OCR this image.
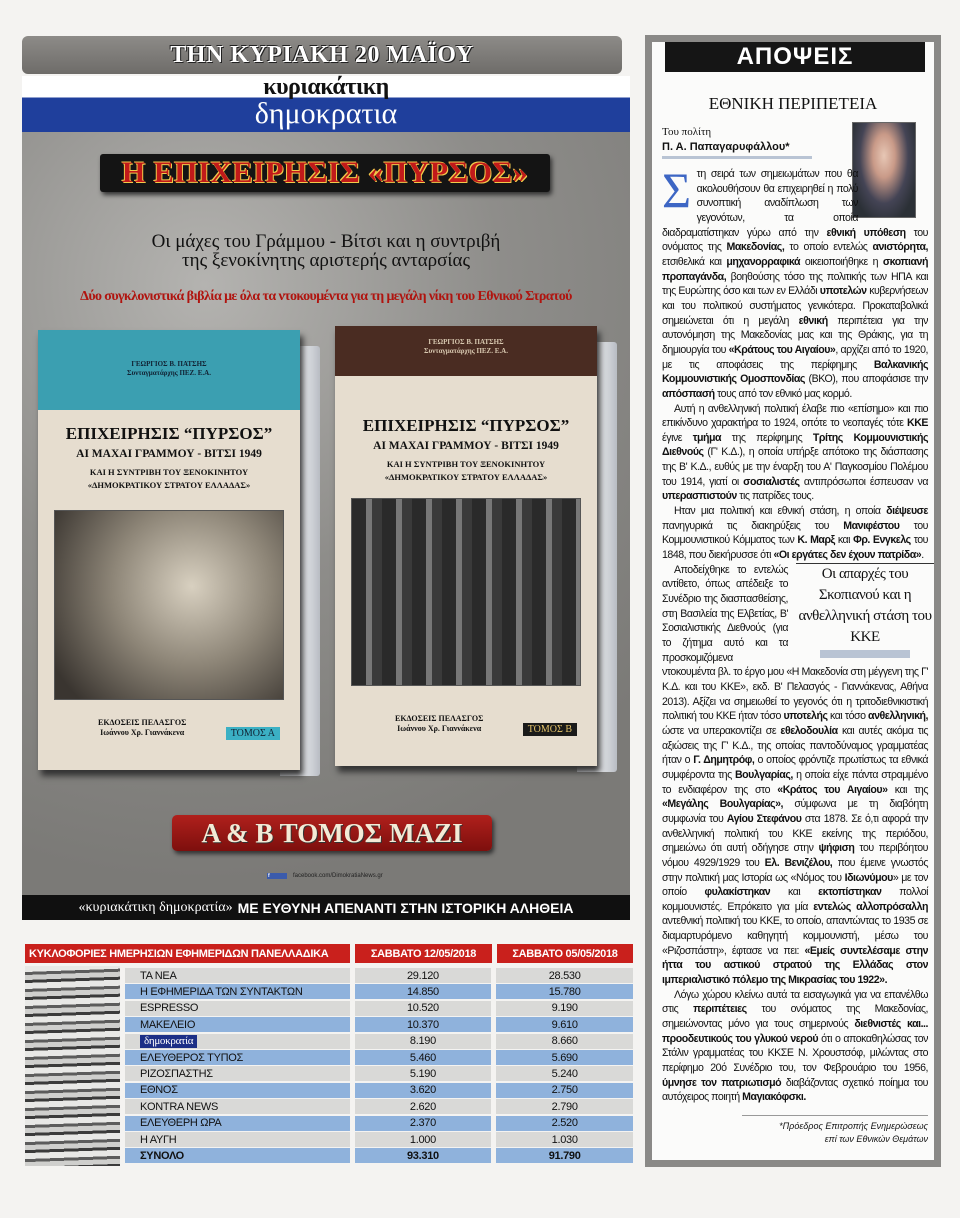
ΤΗΝ ΚΥΡΙΑΚΗ 20 ΜΑΪΟΥ
κυριακάτικη
δημοκρατια
Η ΕΠΙΧΕΙΡΗΣΙΣ «ΠΥΡΣΟΣ»
Οι μάχες του Γράμμου - Βίτσι και η συντριβή
της ξενοκίνητης αριστερής ανταρσίας
Δύο συγκλονιστικά βιβλία με όλα τα ντοκουμέντα για τη μεγάλη νίκη του Εθνικού Στρατού
ΓΕΩΡΓΙΟΣ Β. ΠΑΤΣΗΣ
Συνταγματάρχης ΠΕΖ. Ε.Α.
ΕΠΙΧΕΙΡΗΣΙΣ “ΠΥΡΣΟΣ”
ΑΙ ΜΑΧΑΙ ΓΡΑΜΜΟΥ - ΒΙΤΣΙ 1949
ΚΑΙ Η ΣΥΝΤΡΙΒΗ ΤΟΥ ΞΕΝΟΚΙΝΗΤΟΥ
«ΔΗΜΟΚΡΑΤΙΚΟΥ ΣΤΡΑΤΟΥ ΕΛΛΑΔΑΣ»
ΕΚΔΟΣΕΙΣ ΠΕΛΑΣΓΟΣ
Ιωάννου Χρ. Γιαννάκενα	ΤΟΜΟΣ Α
ΓΕΩΡΓΙΟΣ Β. ΠΑΤΣΗΣ
Συνταγματάρχης ΠΕΖ. Ε.Α.
ΕΠΙΧΕΙΡΗΣΙΣ “ΠΥΡΣΟΣ”
ΑΙ ΜΑΧΑΙ ΓΡΑΜΜΟΥ - ΒΙΤΣΙ 1949
ΚΑΙ Η ΣΥΝΤΡΙΒΗ ΤΟΥ ΞΕΝΟΚΙΝΗΤΟΥ
«ΔΗΜΟΚΡΑΤΙΚΟΥ ΣΤΡΑΤΟΥ ΕΛΛΑΔΑΣ»
ΕΚΔΟΣΕΙΣ ΠΕΛΑΣΓΟΣ
Ιωάννου Χρ. Γιαννάκενα	ΤΟΜΟΣ Β
Α & Β ΤΟΜΟΣ ΜΑΖΙ
f	facebook.com/DimokratiaNews.gr
«κυριακάτικη δημοκρατία» ΜΕ ΕΥΘΥΝΗ ΑΠΕΝΑΝΤΙ ΣΤΗΝ ΙΣΤΟΡΙΚΗ ΑΛΗΘΕΙΑ
ΚΥΚΛΟΦΟΡΙΕΣ ΗΜΕΡΗΣΙΩΝ ΕΦΗΜΕΡΙΔΩΝ ΠΑΝΕΛΛΑΔΙΚΑ	ΣΑΒΒΑΤΟ 12/05/2018	ΣΑΒΒΑΤΟ 05/05/2018
ΤΑ ΝΕΑ	29.120	28.530
Η ΕΦΗΜΕΡΙΔΑ ΤΩΝ ΣΥΝΤΑΚΤΩΝ	14.850	15.780
ESPRESSO	10.520	9.190
ΜΑΚΕΛΕΙΟ	10.370	9.610
δημοκρατία	8.190	8.660
ΕΛΕΥΘΕΡΟΣ ΤΥΠΟΣ	5.460	5.690
ΡΙΖΟΣΠΑΣΤΗΣ	5.190	5.240
ΕΘΝΟΣ	3.620	2.750
KONTRA NEWS	2.620	2.790
ΕΛΕΥΘΕΡΗ ΩΡΑ	2.370	2.520
Η ΑΥΓΗ	1.000	1.030
ΣΥΝΟΛΟ	93.310	91.790
ΑΠΟΨΕΙΣ
ΕΘΝΙΚΗ ΠΕΡΙΠΕΤΕΙΑ
Του πολίτη
Π. Α. Παπαγαρυφάλλου*

Στη σειρά των σημειωμάτων που θα ακολουθήσουν θα επιχειρηθεί η πολύ συνοπτική αναδίπλωση των γεγονότων, τα οποία διαδραματίστηκαν γύρω από την εθνική υπόθεση του ονόματος της Μακεδονίας, το οποίο εντελώς ανιστόρητα, ετσιθελικά και μηχανορραφικά οικειοποιήθηκε η σκοπιανή προπαγάνδα, βοηθούσης τόσο της πολιτικής των ΗΠΑ και της Ευρώπης όσο και των εν Ελλάδι υποτελών κυβερνήσεων και του πολιτικού συστήματος γενικότερα. Προκαταβολικά σημειώνεται ότι η μεγάλη εθνική περιπέτεια για την αυτονόμηση της Μακεδονίας μας και της Θράκης, για τη δημιουργία του «Κράτους του Αιγαίου», αρχίζει από το 1920, με τις αποφάσεις της περίφημης Βαλκανικής Κομμουνιστικής Ομοσπονδίας (ΒΚΟ), που αποφάσισε την απόσπασή τους από τον εθνικό μας κορμό.

Αυτή η ανθελληνική πολιτική έλαβε πιο «επίσημο» και πιο επικίνδυνο χαρακτήρα το 1924, οπότε το νεοπαγές τότε ΚΚΕ έγινε τμήμα της περίφημης Τρίτης Κομμουνιστικής Διεθνούς (Γ' Κ.Δ.), η οποία υπήρξε απότοκο της διάσπασης της Β' Κ.Δ., ευθύς με την έναρξη του Α' Παγκοσμίου Πολέμου του 1914, γιατί οι σοσιαλιστές αντιπρόσωποι έσπευσαν να υπερασπιστούν τις πατρίδες τους.

Ηταν μια πολιτική και εθνική στάση, η οποία διέψευσε πανηγυρικά τις διακηρύξεις του Μανιφέστου του Κομμουνιστικού Κόμματος των Κ. Μαρξ και Φρ. Ενγκελς του 1848, που διεκήρυσσε ότι «Οι εργάτες δεν έχουν πατρίδα».

Οι απαρχές του Σκοπιανού και η ανθελληνική στάση του ΚΚΕ
Αποδείχθηκε το εντελώς αντίθετο, όπως απέδειξε το Συνέδριο της διασπασθείσης, στη Βασιλεία της Ελβετίας, Β' Σοσιαλιστικής Διεθνούς (για το ζήτημα αυτό και τα προσκομιζόμενα ντοκουμέντα βλ. το έργο μου «Η Μακεδονία στη μέγγενη της Γ' Κ.Δ. και του ΚΚΕ», εκδ. Β' Πελασγός - Γιαννάκενας, Αθήνα 2013). Αξίζει να σημειωθεί το γεγονός ότι η τριτοδιεθνικιστική πολιτική του ΚΚΕ ήταν τόσο υποτελής και τόσο ανθελληνική, ώστε να υπερακοντίζει σε εθελοδουλία και αυτές ακόμα τις αξιώσεις της Γ' Κ.Δ., της οποίας παντοδύναμος γραμματέας ήταν ο Γ. Δημητρόφ, ο οποίος φρόντιζε πρωτίστως τα εθνικά συμφέροντα της Βουλγαρίας, η οποία είχε πάντα στραμμένο το ενδιαφέρον της στο «Κράτος του Αιγαίου» και της «Μεγάλης Βουλγαρίας», σύμφωνα με τη διαβόητη συμφωνία του Αγίου Στεφάνου στα 1878. Σε ό,τι αφορά την ανθελληνική πολιτική του ΚΚΕ εκείνης της περιόδου, σημειώνω ότι αυτή οδήγησε στην ψήφιση του περιβόητου νόμου 4929/1929 του Ελ. Βενιζέλου, που έμεινε γνωστός στην πολιτική μας Ιστορία ως «Νόμος του Ιδιωνύμου» με τον οποίο φυλακίστηκαν και εκτοπίστηκαν πολλοί κομμουνιστές. Επρόκειτο για μία εντελώς αλλοπρόσαλλη αντεθνική πολιτική του ΚΚΕ, το οποίο, απαντώντας το 1935 σε διαμαρτυρόμενο καθηγητή κομμουνιστή, μέσω του «Ριζοσπάστη», έφτασε να πει: «Εμείς συντελέσαμε στην ήττα του αστικού στρατού της Ελλάδας στον ιμπεριαλιστικό πόλεμο της Μικρασίας του 1922».

Λόγω χώρου κλείνω αυτά τα εισαγωγικά για να επανέλθω στις περιπέτειες του ονόματος της Μακεδονίας, σημειώνοντας μόνο για τους σημερινούς διεθνιστές και... προοδευτικούς του γλυκού νερού ότι ο αποκαθηλώσας τον Στάλιν γραμματέας του ΚΚΣΕ Ν. Χρουστσόφ, μιλώντας στο περίφημο 20ό Συνέδριο του, τον Φεβρουάριο του 1956, ύμνησε τον πατριωτισμό διαβάζοντας σχετικό ποίημα του αυτόχειρος ποιητή Μαγιακόφσκι.

*Πρόεδρος Επιτροπής Ενημερώσεως
επί των Εθνικών Θεμάτων
